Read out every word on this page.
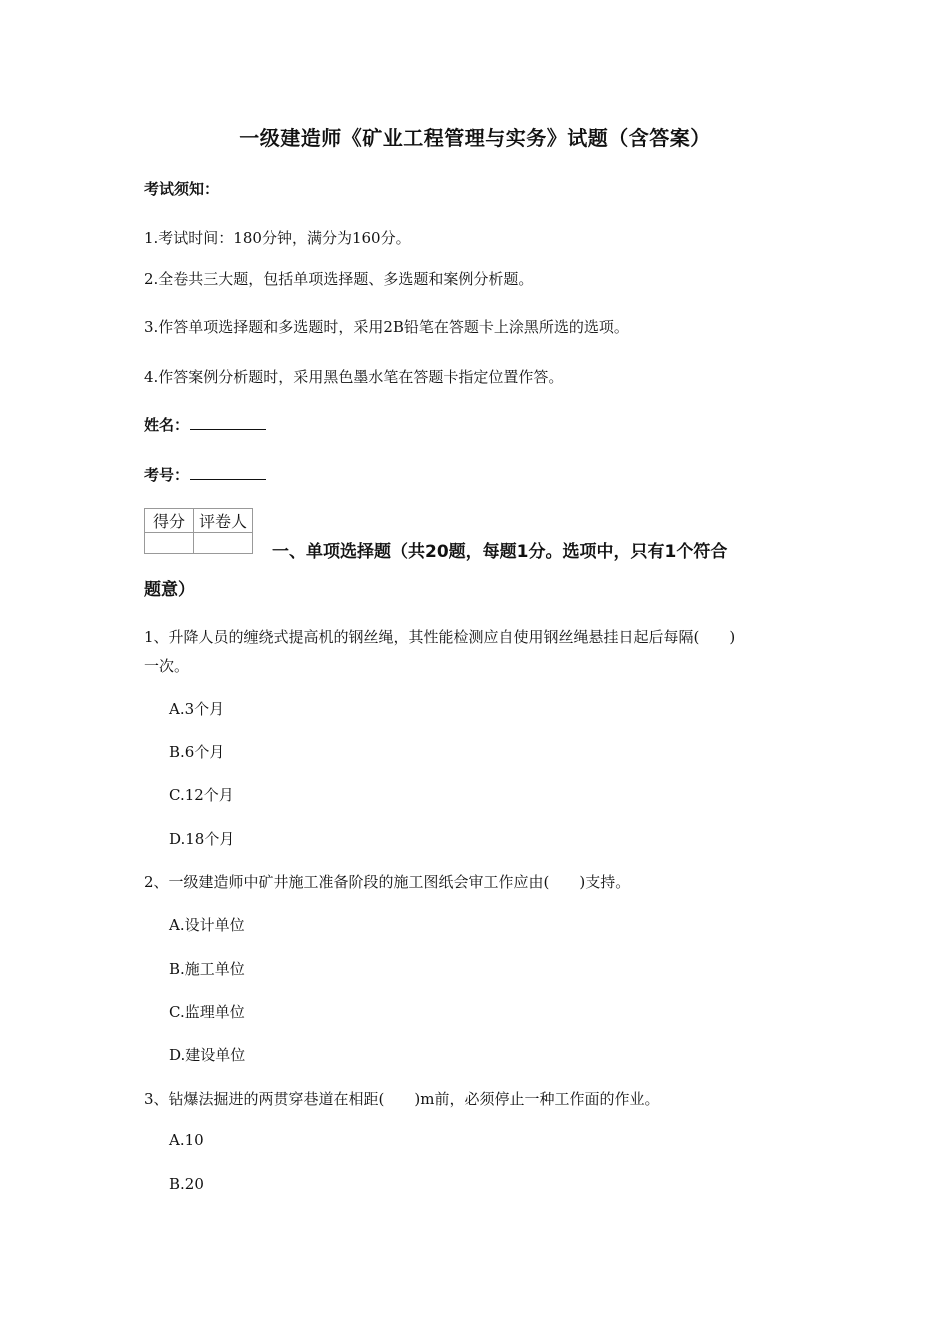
一级建造师《矿业工程管理与实务》试题（含答案）
考试须知：
1.考试时间：180分钟，满分为160分。
2.全卷共三大题，包括单项选择题、多选题和案例分析题。
3.作答单项选择题和多选题时，采用2B铅笔在答题卡上涂黑所选的选项。
4.作答案例分析题时，采用黑色墨水笔在答题卡指定位置作答。
姓名：
考号：
得分	评卷人

一、单项选择题（共20题，每题1分。选项中，只有1个符合
题意）
1、升降人员的缠绕式提高机的钢丝绳，其性能检测应自使用钢丝绳悬挂日起后每隔(　　)
一次。
A.3个月
B.6个月
C.12个月
D.18个月
2、一级建造师中矿井施工准备阶段的施工图纸会审工作应由(　　)支持。
A.设计单位
B.施工单位
C.监理单位
D.建设单位
3、钻爆法掘进的两贯穿巷道在相距(　　)m前，必须停止一种工作面的作业。
A.10
B.20
